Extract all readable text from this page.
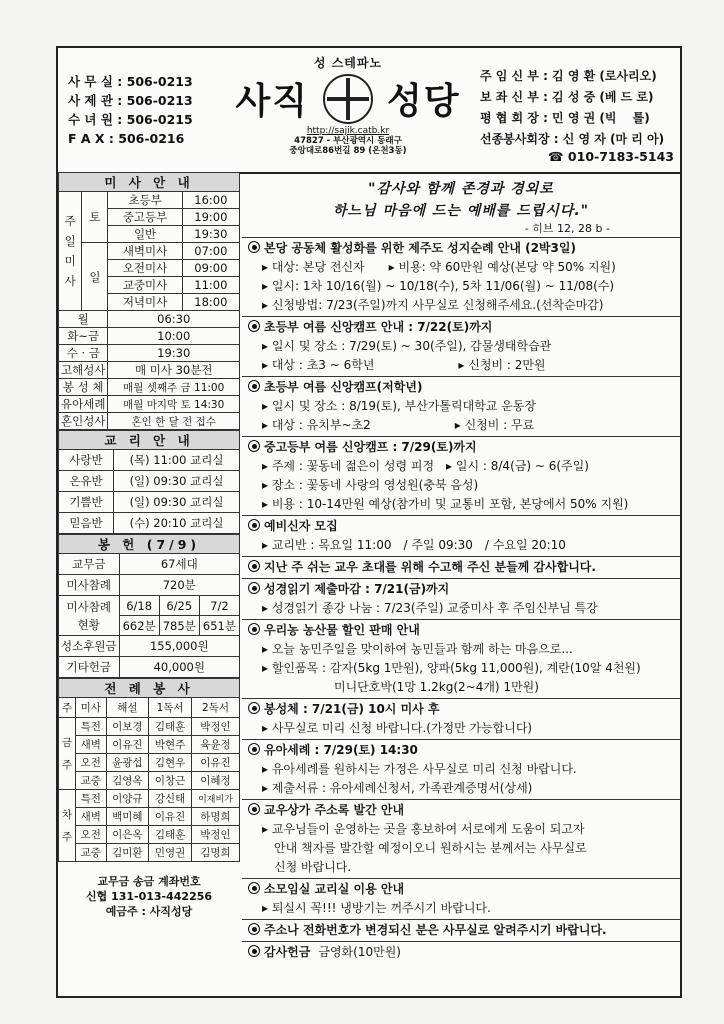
사 무 실 : 506-0213
사 제 관 : 506-0213
수 녀 원 : 506-0215
F A X : 506-0216
성 스테파노
사직 성당
http://sajik.catb.kr
47827 - 부산광역시 동래구
중앙대로86번길 89 (온천3동)
주 임 신 부 : 김 영 환 (로사리오)
보 좌 신 부 : 김 성 중 (베 드 로)
평 협 회 장 : 민 영 권 (빅　 톨)
선종봉사회장 : 신 영 자 (마 리 아)
☎ 010-7183-5143
미 사 안 내			
주일미사	토	초등부	16:00
		중고등부	19:00
		일반	19:30
	일	새벽미사	07:00
		오전미사	09:00
		교중미사	11:00
		저녁미사	18:00
월		06:30	
화~금		10:00	
수 · 금		19:30	
고해성사		매 미사 30분전	
봉 성 체		매월 셋째주 금 11:00	
유아세례		매월 마지막 토 14:30	
혼인성사		혼인 한 달 전 접수	
교 리 안 내	
사랑반	(목) 11:00 교리실
온유반	(일) 09:30 교리실
기쁨반	(일) 09:30 교리실
믿음반	(수) 20:10 교리실
봉 헌 (7/9)			
교무금	67세대		
미사참례	720분		
미사참례 현황	6/18	6/25	7/2
	662분	785분	651분
성소후원금	155,000원		
기타헌금	40,000원		
전 례 봉 사				
주	미사	해설	1독서	2독서
금주	특전	이보경	김태훈	박정인
	새벽	이유진	박현주	육윤정
	오전	윤광섭	김현우	이유진
	교중	김영옥	이창근	이혜정
차주	특전	이양규	강신태	이재비가
	새벽	백미혜	이유진	하명희
	오전	이은옥	김태훈	박정인
	교중	김미환	민영권	김명희
교무금 송금 계좌번호
신협 131-013-442256
예금주 : 사직성당
"감사와 함께 존경과 경외로
하느님 마음에 드는 예배를 드립시다."
- 히브 12, 28 b -
본당 공동체 활성화를 위한 제주도 성지순례 안내 (2박3일)
▸ 대상: 본당 전신자　　▸ 비용: 약 60만원 예상(본당 약 50% 지원)
▸ 일시: 1차 10/16(월) ~ 10/18(수), 5차 11/06(월) ~ 11/08(수)
▸ 신청방법: 7/23(주일)까지 사무실로 신청해주세요.(선착순마감)
초등부 여름 신앙캠프 안내 : 7/22(토)까지
▸ 일시 및 장소 : 7/29(토) ~ 30(주일), 감물생태학습관
▸ 대상 : 초3 ~ 6학년　　　　　　　▸ 신청비 : 2만원
초등부 여름 신앙캠프(저학년)
▸ 일시 및 장소 : 8/19(토), 부산가톨릭대학교 운동장
▸ 대상 : 유치부~초2　　　　　　　▸ 신청비 : 무료
중고등부 여름 신앙캠프 : 7/29(토)까지
▸ 주제 : 꽃동네 젊은이 성령 피정　▸ 일시 : 8/4(금) ~ 6(주일)
▸ 장소 : 꽃동네 사랑의 영성원(충북 음성)
▸ 비용 : 10-14만원 예상(참가비 및 교통비 포함, 본당에서 50% 지원)
예비신자 모집
▸ 교리반 : 목요일 11:00　/ 주일 09:30　/ 수요일 20:10
지난 주 쉬는 교우 초대를 위해 수고해 주신 분들께 감사합니다.
성경읽기 제출마감 : 7/21(금)까지
▸ 성경읽기 종강 나눔 : 7/23(주일) 교중미사 후 주임신부님 특강
우리농 농산물 할인 판매 안내
▸ 오늘 농민주일을 맞이하여 농민들과 함께 하는 마음으로...
▸ 할인품목 : 감자(5kg 1만원), 양파(5kg 11,000원), 계란(10알 4천원)
　　　　　　미니단호박(1망 1.2kg(2~4개) 1만원)
봉성체 : 7/21(금) 10시 미사 후
▸ 사무실로 미리 신청 바랍니다.(가정만 가능합니다)
유아세례 : 7/29(토) 14:30
▸ 유아세례를 원하시는 가정은 사무실로 미리 신청 바랍니다.
▸ 제출서류 : 유아세례신청서, 가족관계증명서(상세)
교우상가 주소록 발간 안내
▸ 교우님들이 운영하는 곳을 홍보하여 서로에게 도움이 되고자
　안내 책자를 발간할 예정이오니 원하시는 분께서는 사무실로
　신청 바랍니다.
소모임실 교리실 이용 안내
▸ 퇴실시 꼭!!! 냉방기는 꺼주시기 바랍니다.
주소나 전화번호가 변경되신 분은 사무실로 알려주시기 바랍니다.
감사헌금 금영화(10만원)
